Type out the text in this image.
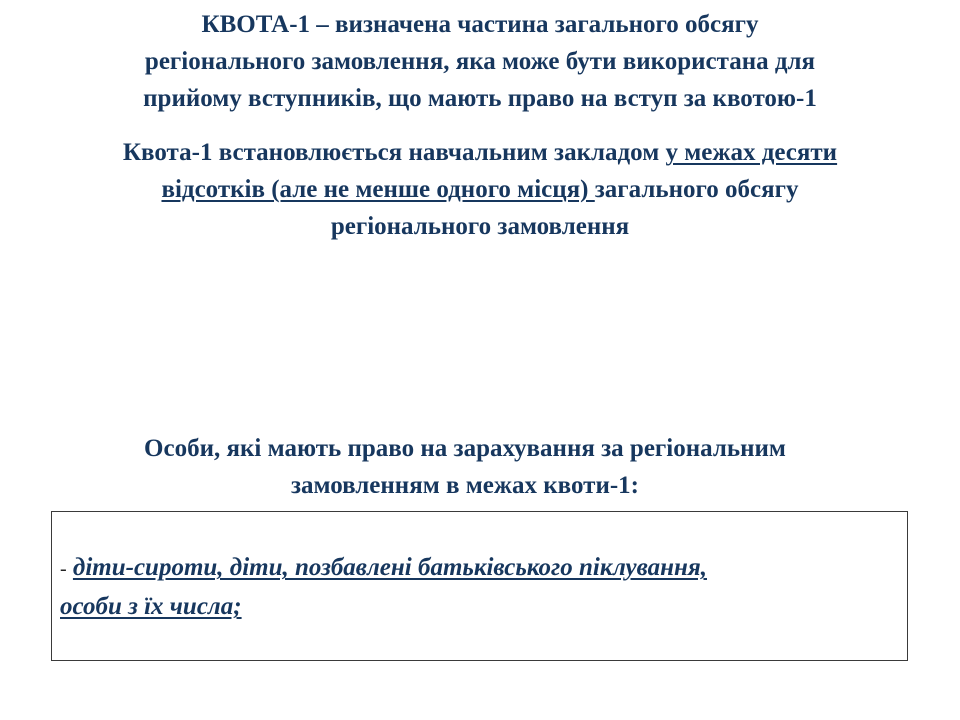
КВОТА-1 – визначена частина загального обсягу
регіонального замовлення, яка може бути використана для
прийому вступників, що мають право на вступ за квотою-1
Квота-1 встановлюється навчальним закладом у межах десяти
відсотків (але не менше одного місця) загального обсягу
регіонального замовлення
Особи, які мають право на зарахування за регіональним
замовленням в межах квоти-1:
- діти-сироти, діти, позбавлені батьківського піклування,
особи з їх числа;
